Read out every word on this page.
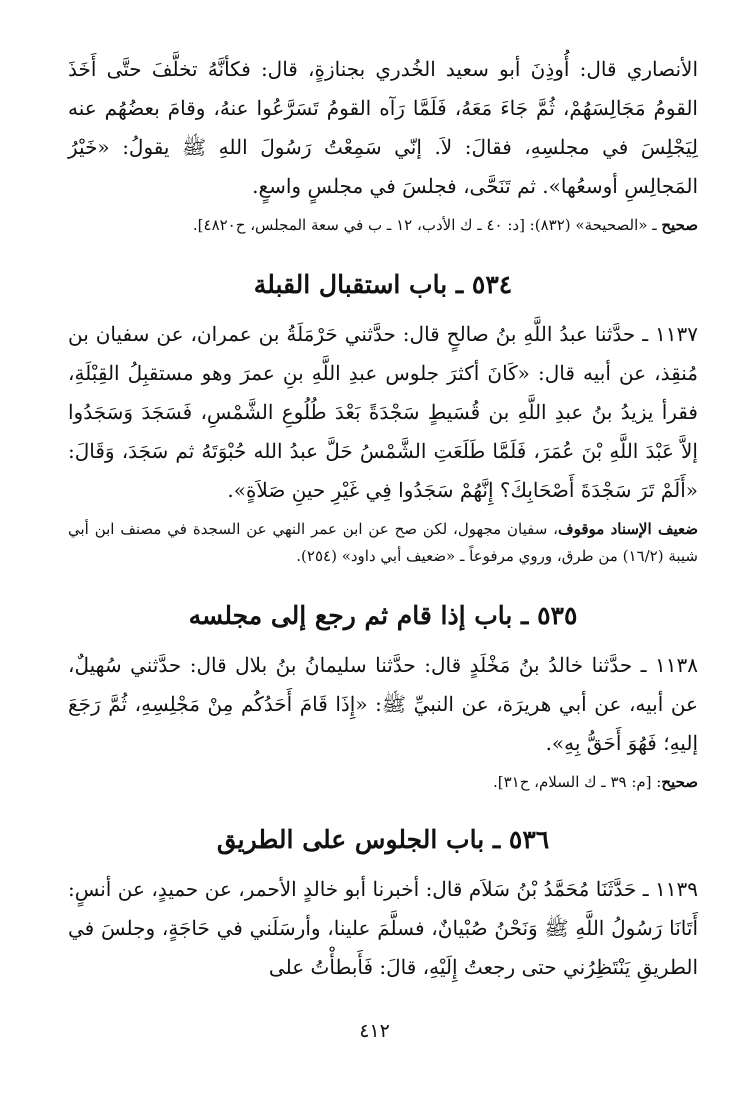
الأنصاري قال: أُوذِنَ أبو سعيد الخُدري بجنازةٍ، قال: فكأنَّهُ تخلَّفَ حتَّى أَخَذَ القومُ مَجَالِسَهُمْ، ثُمَّ جَاءَ مَعَهُ، فَلَمَّا رَآه القومُ تَسَرَّعُوا عنهُ، وقامَ بعضُهُم عنه لِيَجْلِسَ في مجلسِهِ، فقالَ: لاَ. إنّي سَمِعْتُ رَسُولَ اللهِ ﷺ يقولُ: «خَيْرُ المَجالِسِ أوسعُها». ثم تَنَحَّى، فجلسَ في مجلسٍ واسعٍ.

صحيح ـ «الصحيحة» (٨٣٢): [د: ٤٠ ـ ك الأدب، ١٢ ـ ب في سعة المجلس، ح٤٨٢٠].

٥٣٤ ـ باب استقبال القبلة

١١٣٧ ـ حدَّثنا عبدُ اللَّهِ بنُ صالحٍ قال: حدَّثني حَرْمَلَةُ بن عمران، عن سفيان بن مُنقِذ، عن أبيه قال: «كَانَ أكثرَ جلوس عبدِ اللَّهِ بنِ عمرَ وهو مستقبِلُ القِبْلَةِ، فقرأ يزيدُ بنُ عبدِ اللَّهِ بن قُسَيطٍ سَجْدَةً بَعْدَ طُلُوعِ الشَّمْسِ، فَسَجَدَ وَسَجَدُوا إلاَّ عَبْدَ اللَّهِ بْنَ عُمَرَ، فَلَمَّا طَلَعَتِ الشَّمْسُ حَلَّ عبدُ الله حُبْوَتَهُ ثم سَجَدَ، وَقَالَ: «أَلَمْ تَرَ سَجْدَةَ أَصْحَابِكَ؟ إِنَّهُمْ سَجَدُوا فِي غَيْرِ حينِ صَلاَةٍ».

ضعيف الإسناد موقوف، سفيان مجهول، لكن صح عن ابن عمر النهي عن السجدة في مصنف ابن أبي شيبة (١٦/٢) من طرق، وروي مرفوعاً ـ «ضعيف أبي داود» (٢٥٤).

٥٣٥ ـ باب إذا قام ثم رجع إلى مجلسه

١١٣٨ ـ حدَّثنا خالدُ بنُ مَخْلَدٍ قال: حدَّثنا سليمانُ بنُ بلال قال: حدَّثني سُهيلٌ، عن أبيه، عن أبي هريرَة، عن النبيِّ ﷺ: «إِذَا قَامَ أَحَدُكُم مِنْ مَجْلِسِهِ، ثُمَّ رَجَعَ إليهِ؛ فَهُوَ أَحَقُّ بِهِ».

صحيح: [م: ٣٩ ـ ك السلام، ح٣١].

٥٣٦ ـ باب الجلوس على الطريق

١١٣٩ ـ حَدَّثَنَا مُحَمَّدُ بْنُ سَلاَم قال: أخبرنا أبو خالدٍ الأحمر، عن حميدٍ، عن أنسٍ: أَتَانَا رَسُولُ اللَّهِ ﷺ وَنَحْنُ صُبْيانٌ، فسلَّمَ علينا، وأرسَلَني في حَاجَةٍ، وجلسَ في الطريقِ يَنْتَظِرُني حتى رجعتُ إِلَيْهِ، قالَ: فَأَبطأْتُ على

٤١٢
